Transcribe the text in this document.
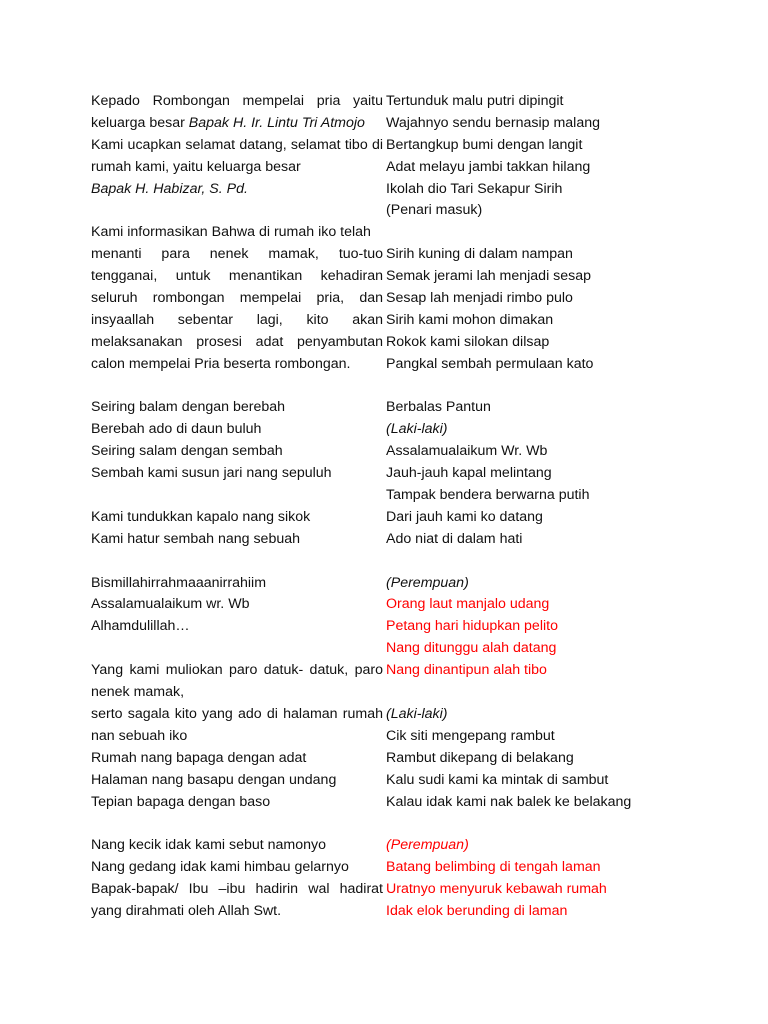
Kepado Rombongan mempelai pria yaitu
keluarga besar Bapak H. Ir. Lintu Tri Atmojo
Kami ucapkan selamat datang, selamat tibo di
rumah kami, yaitu keluarga besar
Bapak H. Habizar, S. Pd.
Kami informasikan Bahwa di rumah iko telah
menanti para nenek mamak, tuo-tuo
tengganai, untuk menantikan kehadiran
seluruh rombongan mempelai pria, dan
insyaallah sebentar lagi, kito akan
melaksanakan prosesi adat penyambutan
calon mempelai Pria beserta rombongan.
Seiring balam dengan berebah
Berebah ado di daun buluh
Seiring salam dengan sembah
Sembah kami susun jari nang sepuluh
Kami tundukkan kapalo nang sikok
Kami hatur sembah nang sebuah
Bismillahirrahmaaanirrahiim
Assalamualaikum wr. Wb
Alhamdulillah…
Yang kami muliokan paro datuk- datuk, paro
nenek mamak,
serto sagala kito yang ado di halaman rumah
nan sebuah iko
Rumah nang bapaga dengan adat
Halaman nang basapu dengan undang
Tepian bapaga dengan baso
Nang kecik idak kami sebut namonyo
Nang gedang idak kami himbau gelarnyo
Bapak-bapak/ Ibu –ibu hadirin wal hadirat
yang dirahmati oleh Allah Swt.
Tertunduk malu putri dipingit
Wajahnyo sendu bernasip malang
Bertangkup bumi dengan langit
Adat melayu jambi takkan hilang
Ikolah dio Tari Sekapur Sirih
(Penari masuk)
Sirih kuning di dalam nampan
Semak jerami lah menjadi sesap
Sesap lah menjadi rimbo pulo
Sirih kami mohon dimakan
Rokok kami silokan dilsap
Pangkal sembah permulaan kato
Berbalas Pantun
(Laki-laki)
Assalamualaikum Wr. Wb
Jauh-jauh kapal melintang
Tampak bendera berwarna putih
Dari jauh kami ko datang
Ado niat di dalam hati
(Perempuan)
Orang laut manjalo udang
Petang hari hidupkan pelito
Nang ditunggu alah datang
Nang dinantipun alah tibo
(Laki-laki)
Cik siti mengepang rambut
Rambut dikepang di belakang
Kalu sudi kami ka mintak di sambut
Kalau idak kami nak balek ke belakang
(Perempuan)
Batang belimbing di tengah laman
Uratnyo menyuruk kebawah rumah
Idak elok berunding di laman
